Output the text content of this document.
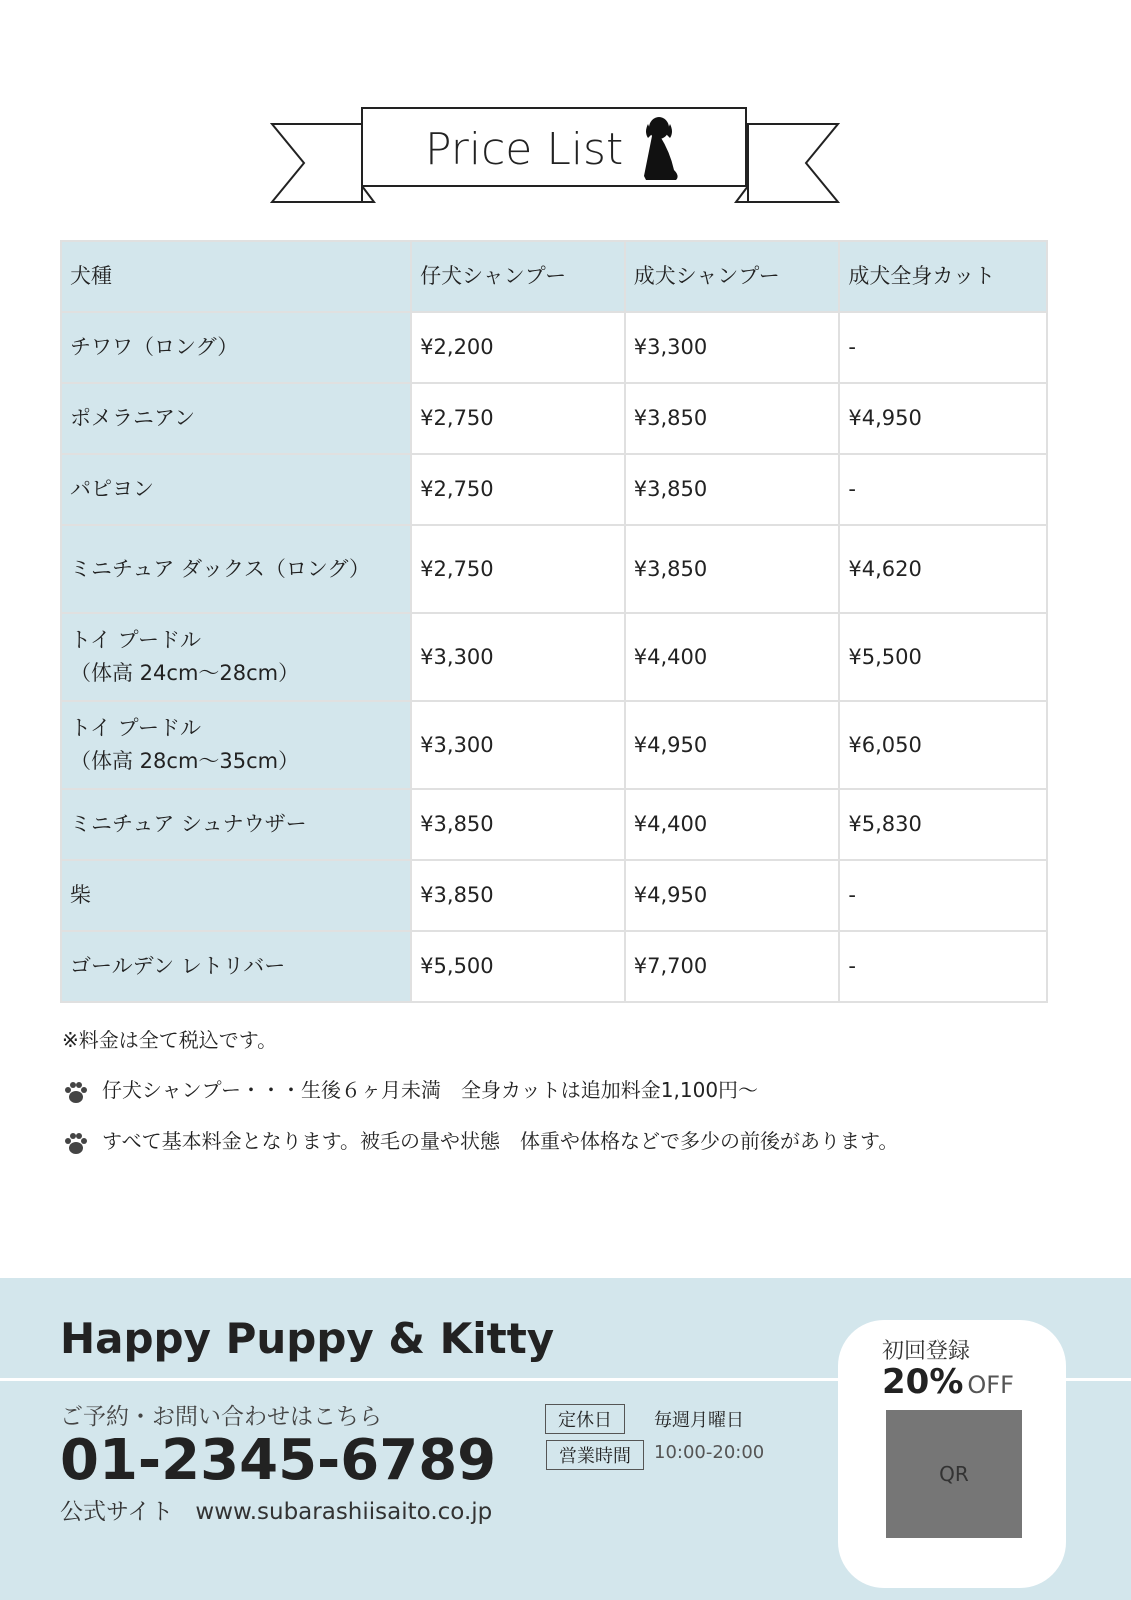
Price List
犬種	仔犬シャンプー	成犬シャンプー	成犬全身カット
チワワ（ロング）	¥2,200	¥3,300	-
ポメラニアン	¥2,750	¥3,850	¥4,950
パピヨン	¥2,750	¥3,850	-
ミニチュア ダックス（ロング）	¥2,750	¥3,850	¥4,620
トイ プードル
（体高 24cm〜28cm）	¥3,300	¥4,400	¥5,500
トイ プードル
（体高 28cm〜35cm）	¥3,300	¥4,950	¥6,050
ミニチュア シュナウザー	¥3,850	¥4,400	¥5,830
柴	¥3,850	¥4,950	-
ゴールデン レトリバー	¥5,500	¥7,700	-
※料金は全て税込です。
仔犬シャンプー・・・生後６ヶ月未満　全身カットは追加料金1,100円〜
すべて基本料金となります。被毛の量や状態　体重や体格などで多少の前後があります。
Happy Puppy & Kitty
ご予約・お問い合わせはこちら
01-2345-6789
公式サイト www.subarashiisaito.co.jp
定休日	毎週月曜日
営業時間	10:00-20:00
初回登録
20% OFF
QR
